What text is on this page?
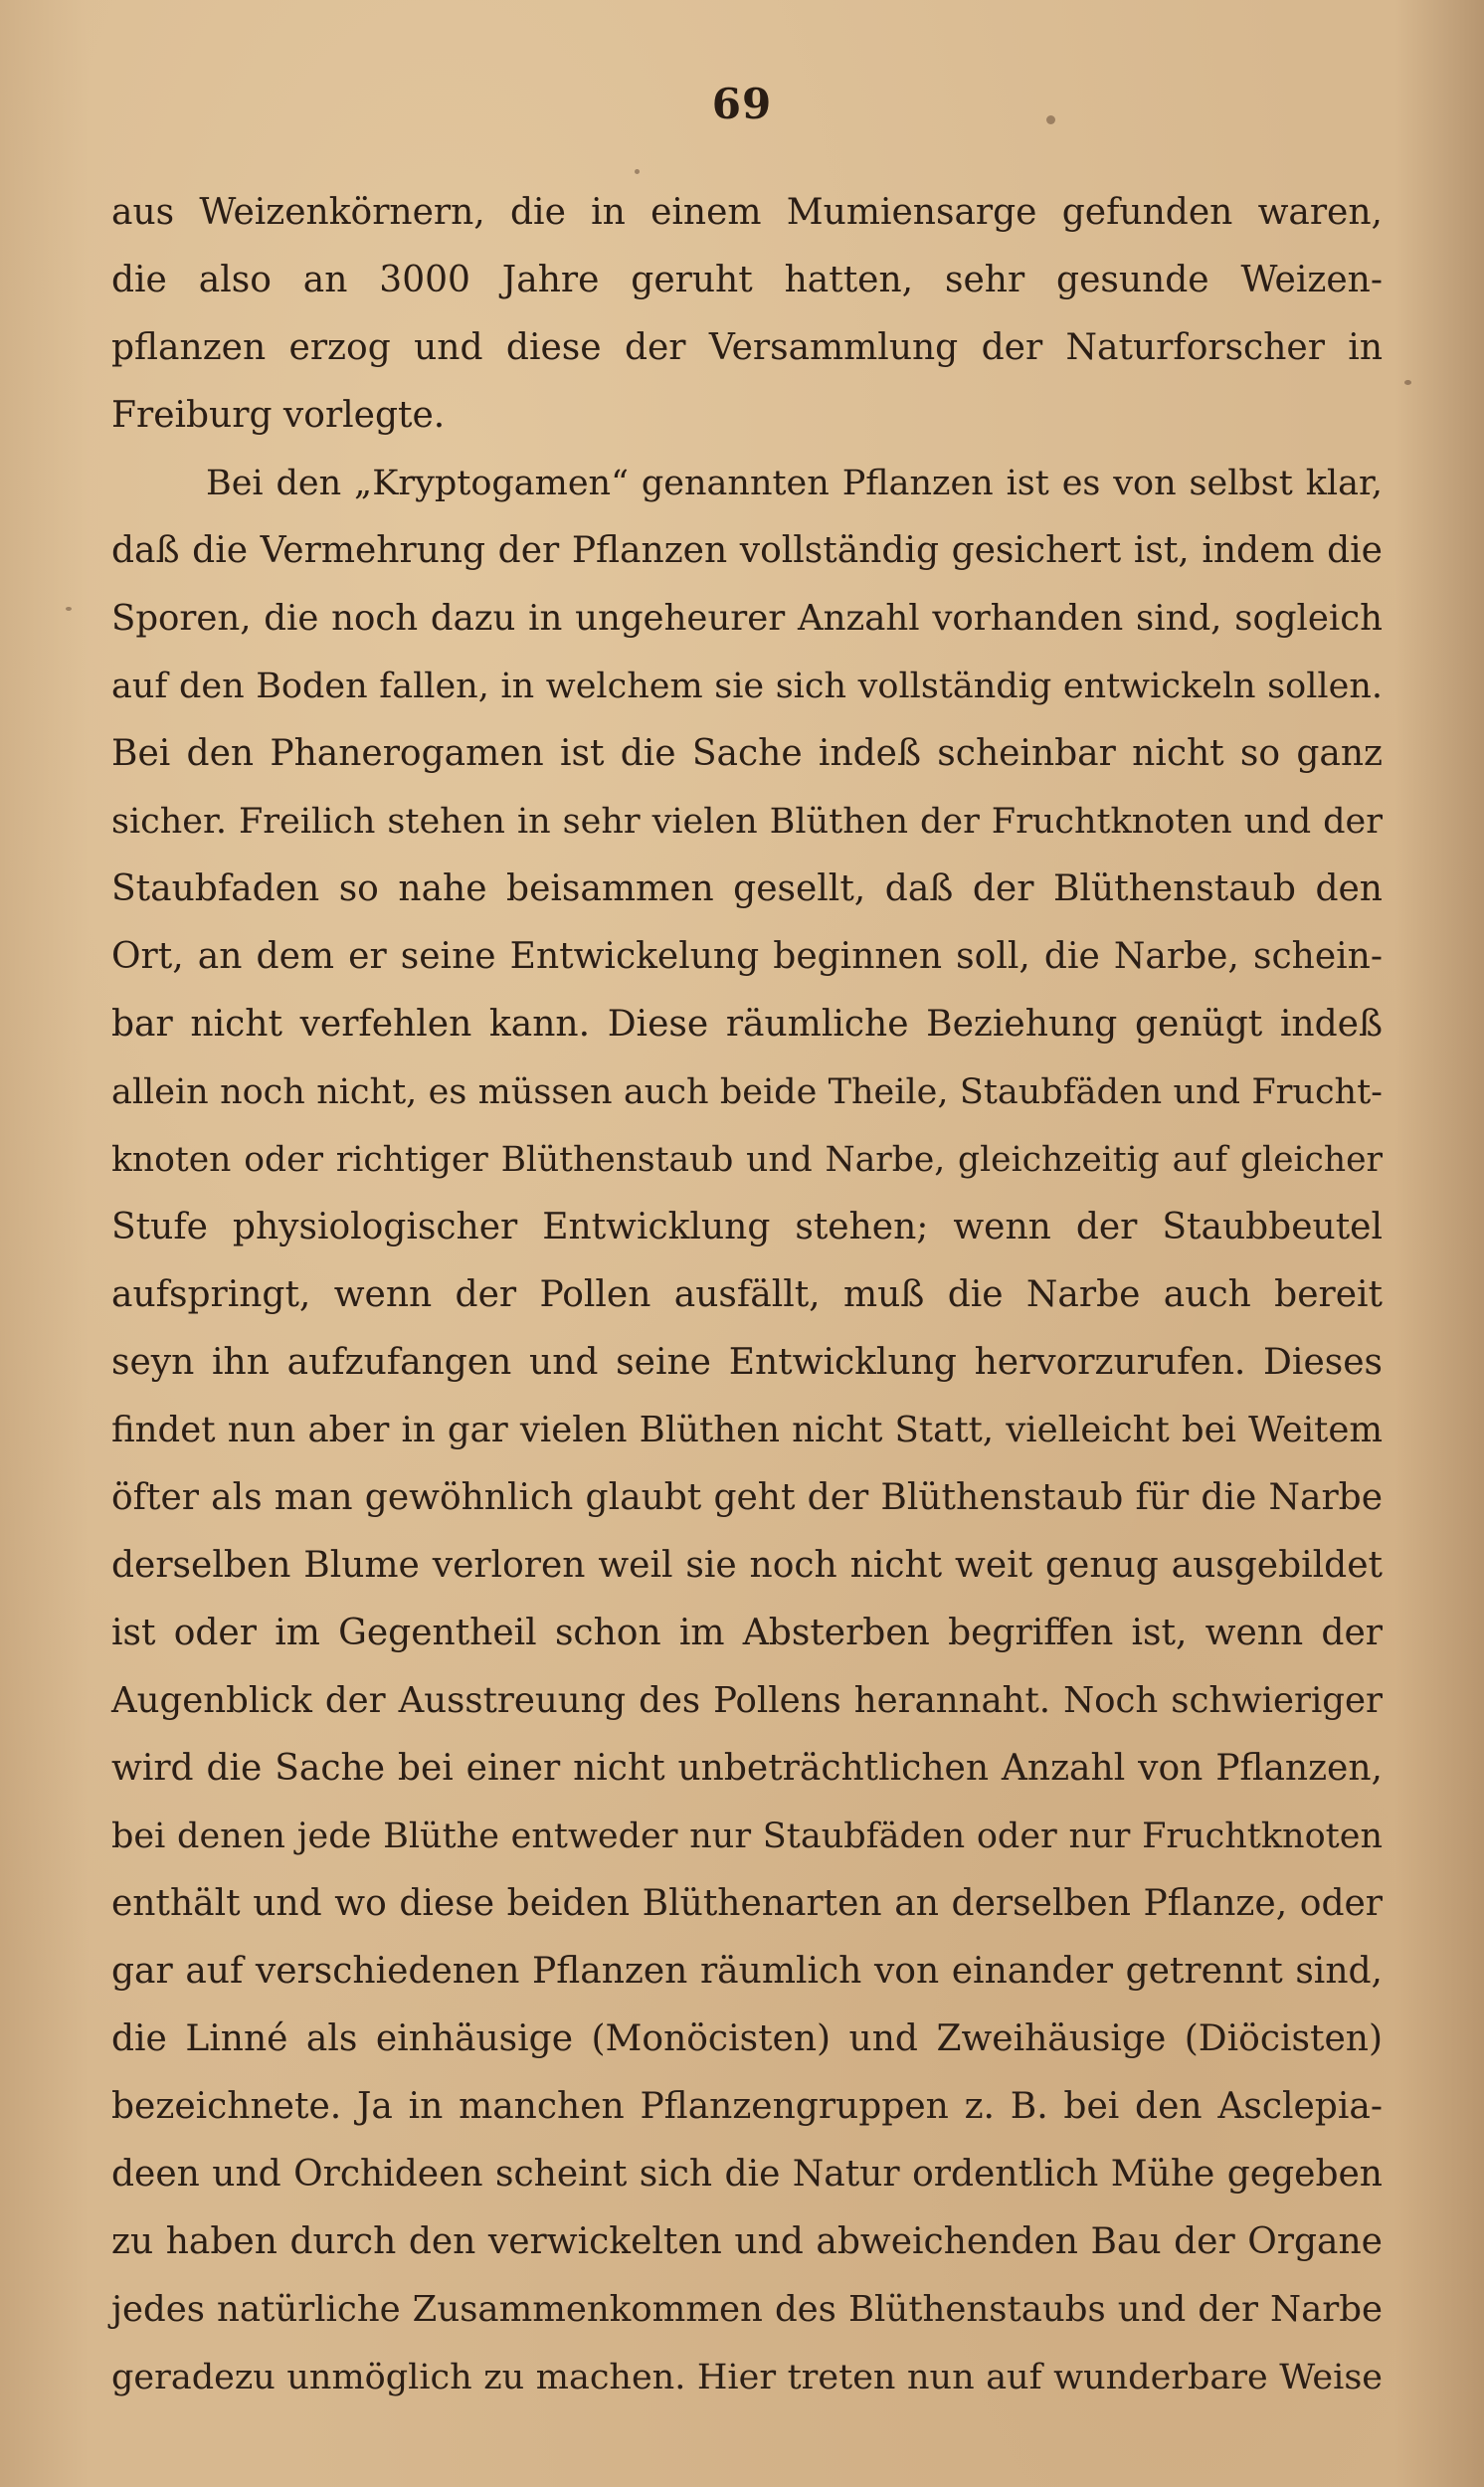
69
aus Weizenkörnern, die in einem Mumiensarge gefunden waren,
die also an 3000 Jahre geruht hatten, sehr gesunde Weizen-
pflanzen erzog und diese der Versammlung der Naturforscher in
Freiburg vorlegte.
Bei den „Kryptogamen“ genannten Pflanzen ist es von selbst klar,
daß die Vermehrung der Pflanzen vollständig gesichert ist, indem die
Sporen, die noch dazu in ungeheurer Anzahl vorhanden sind, sogleich
auf den Boden fallen, in welchem sie sich vollständig entwickeln sollen.
Bei den Phanerogamen ist die Sache indeß scheinbar nicht so ganz
sicher. Freilich stehen in sehr vielen Blüthen der Fruchtknoten und der
Staubfaden so nahe beisammen gesellt, daß der Blüthenstaub den
Ort, an dem er seine Entwickelung beginnen soll, die Narbe, schein-
bar nicht verfehlen kann. Diese räumliche Beziehung genügt indeß
allein noch nicht, es müssen auch beide Theile, Staubfäden und Frucht-
knoten oder richtiger Blüthenstaub und Narbe, gleichzeitig auf gleicher
Stufe physiologischer Entwicklung stehen; wenn der Staubbeutel
aufspringt, wenn der Pollen ausfällt, muß die Narbe auch bereit
seyn ihn aufzufangen und seine Entwicklung hervorzurufen. Dieses
findet nun aber in gar vielen Blüthen nicht Statt, vielleicht bei Weitem
öfter als man gewöhnlich glaubt geht der Blüthenstaub für die Narbe
derselben Blume verloren weil sie noch nicht weit genug ausgebildet
ist oder im Gegentheil schon im Absterben begriffen ist, wenn der
Augenblick der Ausstreuung des Pollens herannaht. Noch schwieriger
wird die Sache bei einer nicht unbeträchtlichen Anzahl von Pflanzen,
bei denen jede Blüthe entweder nur Staubfäden oder nur Fruchtknoten
enthält und wo diese beiden Blüthenarten an derselben Pflanze, oder
gar auf verschiedenen Pflanzen räumlich von einander getrennt sind,
die Linné als einhäusige (Monöcisten) und Zweihäusige (Diöcisten)
bezeichnete. Ja in manchen Pflanzengruppen z. B. bei den Asclepia-
deen und Orchideen scheint sich die Natur ordentlich Mühe gegeben
zu haben durch den verwickelten und abweichenden Bau der Organe
jedes natürliche Zusammenkommen des Blüthenstaubs und der Narbe
geradezu unmöglich zu machen. Hier treten nun auf wunderbare Weise
